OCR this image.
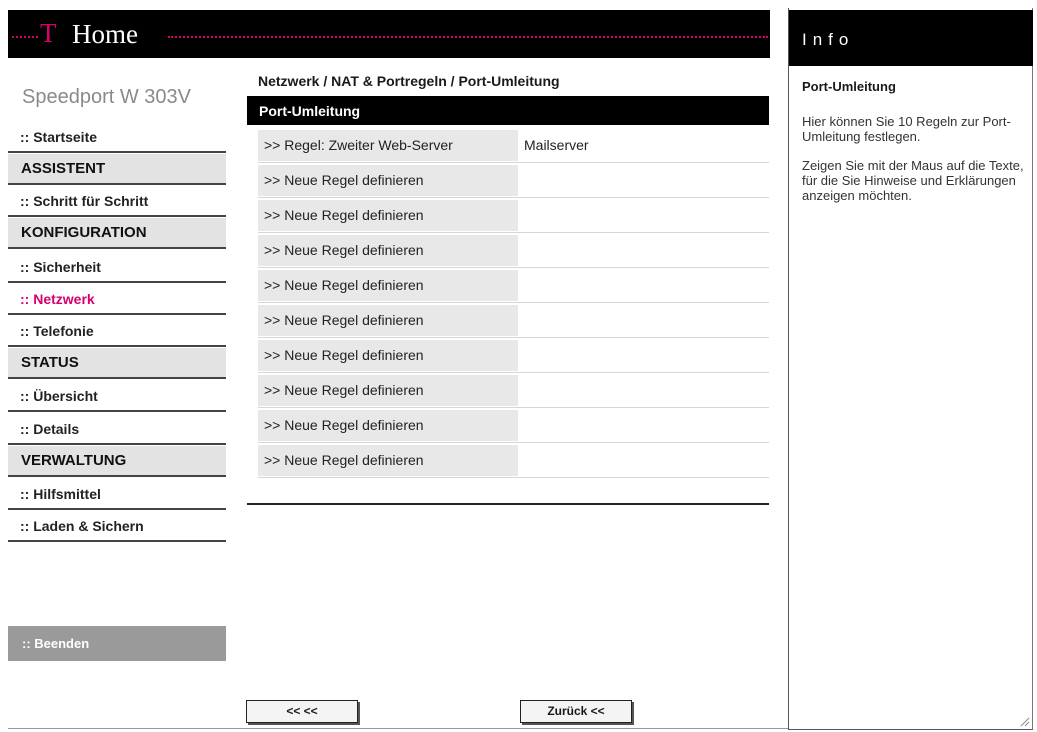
T Home	Info
Port-Umleitung
Hier können Sie 10 Regeln zur Port-Umleitung festlegen.
Zeigen Sie mit der Maus auf die Texte, für die Sie Hinweise und Erklärungen anzeigen möchten.
Speedport W 303V
:: Startseite
ASSISTENT
:: Schritt für Schritt
KONFIGURATION
:: Sicherheit
:: Netzwerk
:: Telefonie
STATUS
:: Übersicht
:: Details
VERWALTUNG
:: Hilfsmittel
:: Laden & Sichern
:: Beenden
Netzwerk / NAT & Portregeln / Port-Umleitung
Port-Umleitung
>> Regel: Zweiter Web-Server	Mailserver
>> Neue Regel definieren
>> Neue Regel definieren
>> Neue Regel definieren
>> Neue Regel definieren
>> Neue Regel definieren
>> Neue Regel definieren
>> Neue Regel definieren
>> Neue Regel definieren
>> Neue Regel definieren
<< <<	Zurück <<
